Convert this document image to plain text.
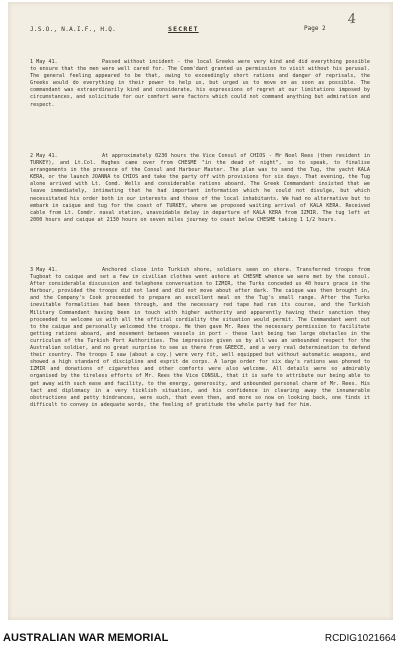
J.S.O., N.A.I.F., H.Q.	SECRET	Page 2
4
1 May 41.	Passed without incident - the local Greeks were very kind and did everything possible to ensure that the men were well cared for. The Comm'dant granted us permission to visit without his perusal. The general feeling appeared to be that, owing to exceedingly short rations and danger of reprisals, the Greeks would do everything in their power to help us, but urged us to move on as soon as possible. The commandant was extraordinarily kind and considerate, his expressions of regret at our limitations imposed by circumstances, and solicitude for our comfort were factors which could not command anything but admiration and respect.

2 May 41.	At approximately 0230 hours the Vice Consul of CHIOS - Mr Noel Rees (then resident in TURKEY), and Lt.Col. Hughes came over from CHESME "in the dead of night", so to speak, to finalise arrangements in the presence of the Consul and Harbour Master. The plan was to send the Tug, the yacht KALA KERA, or the launch JOANNA to CHIOS and take the party off with provisions for six days. That evening, the Tug alone arrived with Lt. Comd. Wells and considerable rations aboard. The Greek Commandant insisted that we leave immediately, intimating that he had important information which he could not divulge, but which necessitated his order both in our interests and those of the local inhabitants. We had no alternative but to embark in caique and tug for the coast of TURKEY, where we proposed waiting arrival of KALA KERA. Received cable from Lt. Comdr. naval station, unavoidable delay in departure of KALA KERA from IZMIR. The tug left at 2000 hours and caique at 2130 hours on seven miles journey to coast below CHESME taking 1 1/2 hours.

3 May 41.	Anchored close into Turkish shore, soldiers seen on shore. Transferred troops from Tugboat to caique and set a few in civilian clothes went ashore at CHESME whence we were met by the consul. After considerable discussion and telephone conversation to IZMIR, the Turks conceded us 40 hours grace in the Harbour, provided the troops did not land and did not move about after dark. The caique was then brought in, and the Company's Cook proceeded to prepare an excellent meal on the Tug's small range. After the Turks inevitable formalities had been through, and the necessary red tape had run its course, and the Turkish Military Commandant having been in touch with higher authority and apparently having their sanction they proceeded to welcome us with all the official cordiality the situation would permit. The Commandant went out to the caique and personally welcomed the troops. He then gave Mr. Rees the necessary permission to facilitate getting rations aboard, and movement between vessels in port - these last being two large obstacles in the curriculum of the Turkish Port Authorities. The impression given us by all was an unbounded respect for the Australian soldier, and no great surprise to see us there from GREECE, and a very real determination to defend their country. The troops I saw (about a coy.) were very fit, well equipped but without automatic weapons, and showed a high standard of discipline and esprit de corps. A large order for six day's rations was phoned to IZMIR and donations of cigarettes and other comforts were also welcome. All details were so admirably organised by the tireless efforts of Mr. Rees the Vice CONSUL, that it is safe to attribute our being able to get away with such ease and facility, to the energy, generosity, and unbounded personal charm of Mr. Rees. His tact and diplomacy in a very ticklish situation, and his confidence in clearing away the innumerable obstructions and petty hindrances, were such, that even then, and more so now on looking back, one finds it difficult to convey in adequate words, the feeling of gratitude the whole party had for him.

AUSTRALIAN WAR MEMORIAL	RCDIG1021664
